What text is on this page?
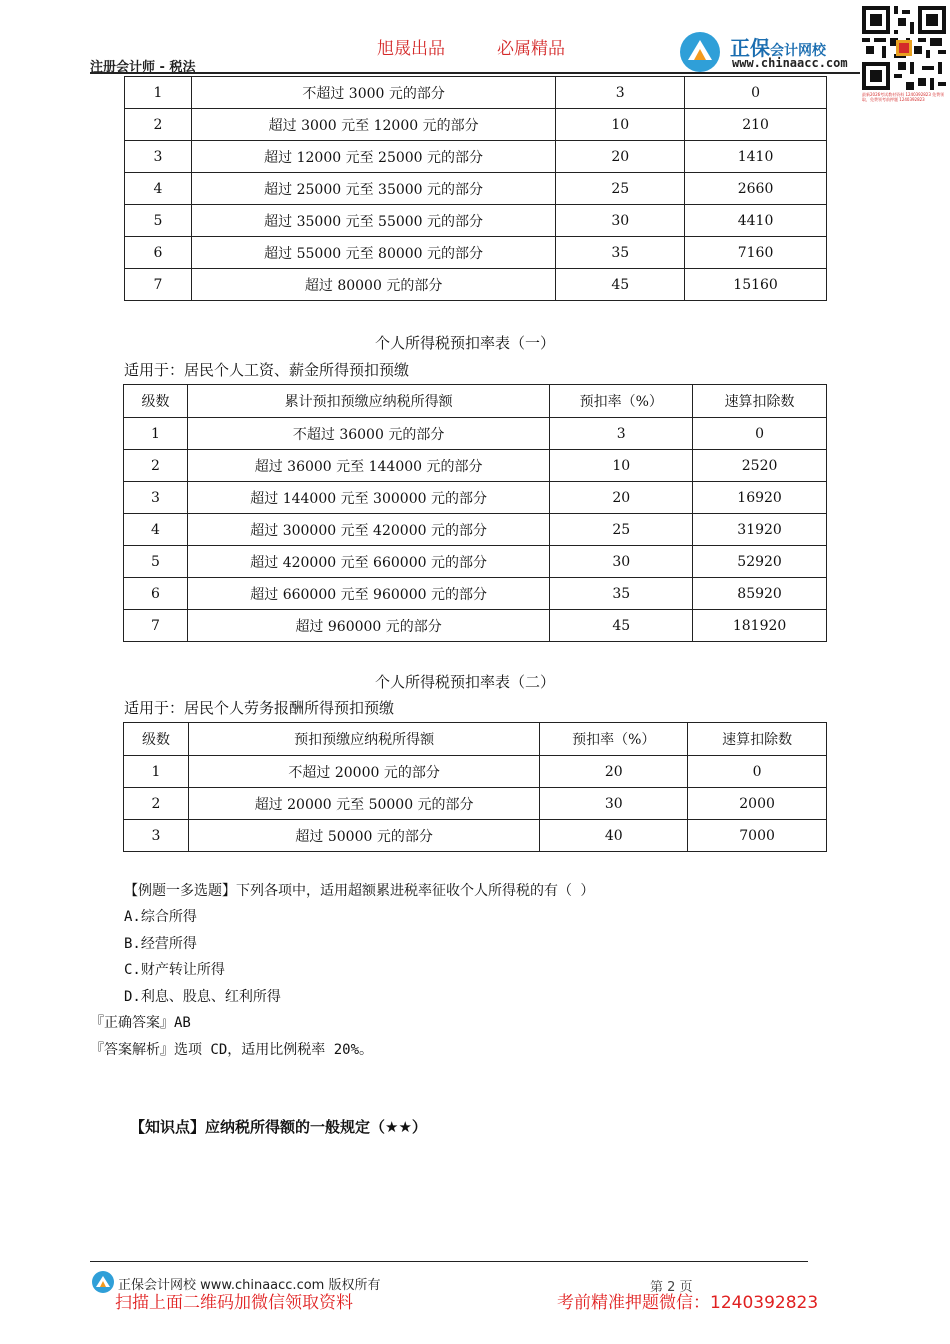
旭晟出品	必属精品
注册会计师 - 税法
正保会计网校
www.chinaacc.com
最新2026考试教材资料 1240392823 免费领取，免费领考前押题 1240392823
1	不超过 3000 元的部分	3	0
2	超过 3000 元至 12000 元的部分	10	210
3	超过 12000 元至 25000 元的部分	20	1410
4	超过 25000 元至 35000 元的部分	25	2660
5	超过 35000 元至 55000 元的部分	30	4410
6	超过 55000 元至 80000 元的部分	35	7160
7	超过 80000 元的部分	45	15160
个人所得税预扣率表（一）
适用于：居民个人工资、薪金所得预扣预缴
级数	累计预扣预缴应纳税所得额	预扣率（%）	速算扣除数
1	不超过 36000 元的部分	3	0
2	超过 36000 元至 144000 元的部分	10	2520
3	超过 144000 元至 300000 元的部分	20	16920
4	超过 300000 元至 420000 元的部分	25	31920
5	超过 420000 元至 660000 元的部分	30	52920
6	超过 660000 元至 960000 元的部分	35	85920
7	超过 960000 元的部分	45	181920
个人所得税预扣率表（二）
适用于：居民个人劳务报酬所得预扣预缴
级数	预扣预缴应纳税所得额	预扣率（%）	速算扣除数
1	不超过 20000 元的部分	20	0
2	超过 20000 元至 50000 元的部分	30	2000
3	超过 50000 元的部分	40	7000
【例题一多选题】下列各项中，适用超额累进税率征收个人所得税的有（ ）
A.综合所得
B.经营所得
C.财产转让所得
D.利息、股息、红利所得
『正确答案』AB
『答案解析』选项 CD，适用比例税率 20%。
【知识点】应纳税所得额的一般规定（★★）
正保会计网校 www.chinaacc.com 版权所有	第 2 页
扫描上面二维码加微信领取资料	考前精准押题微信：1240392823
